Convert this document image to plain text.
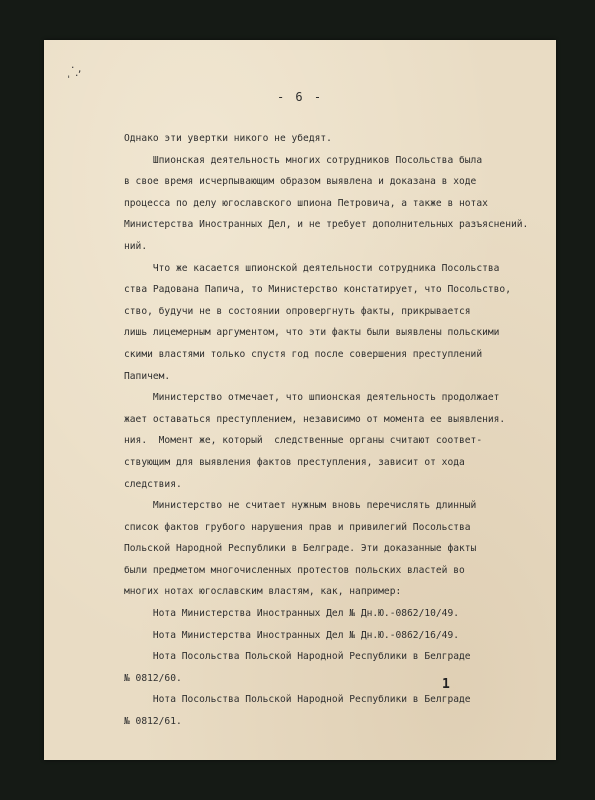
.
.
'
,
- 6 -
Однако эти увертки никого не убедят.
Шпионская деятельность многих сотрудников Посольства была
в свое время исчерпывающим образом выявлена и доказана в ходе
процесса по делу югославского шпиона Петровича, а также в нотах
Министерства Иностранных Дел, и не требует дополнительных разъяснений.
ний.
Что же касается шпионской деятельности сотрудника Посольства
ства Радована Папича, то Министерство констатирует, что Посольство,
ство, будучи не в состоянии опровергнуть факты, прикрывается
лишь лицемерным аргументом, что эти факты были выявлены польскими
скими властями только спустя год после совершения преступлений
Папичем.
Министерство отмечает, что шпионская деятельность продолжает
жает оставаться преступлением, независимо от момента ее выявления.
ния.  Момент же, который  следственные органы считают соответ-
ствующим для выявления фактов преступления, зависит от хода
следствия.
Министерство не считает нужным вновь перечислять длинный
список фактов грубого нарушения прав и привилегий Посольства
Польской Народной Республики в Белграде. Эти доказанные факты
были предметом многочисленных протестов польских властей во
многих нотах югославским властям, как, например:
Нота Министерства Иностранных Дел № Дн.Ю.-0862/10/49.
Нота Министерства Иностранных Дел № Дн.Ю.-0862/16/49.
Нота Посольства Польской Народной Республики в Белграде
№ 0812/60.
Нота Посольства Польской Народной Республики в Белграде
№ 0812/61.
1
